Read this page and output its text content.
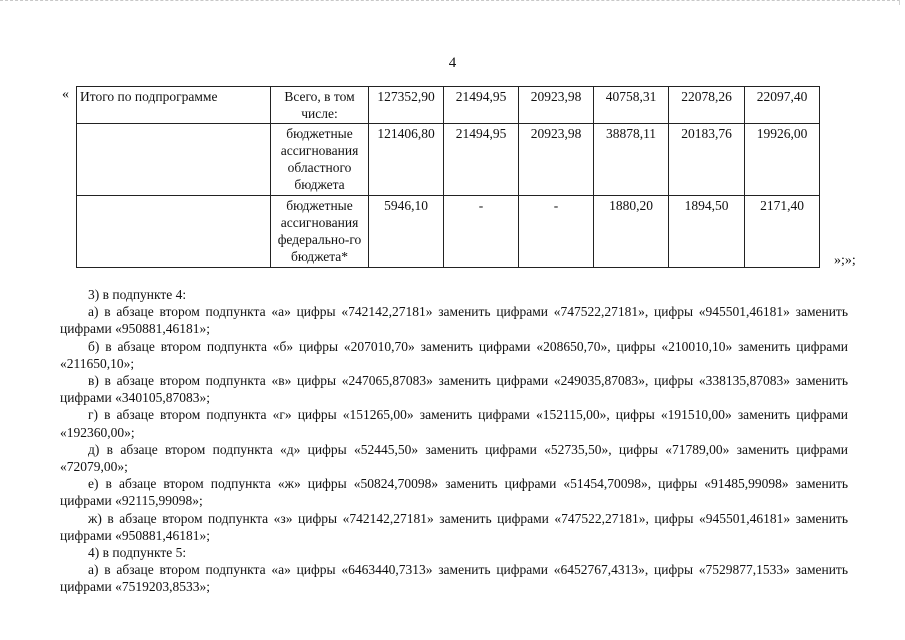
4
« Итого по подпрограмме	Всего, в том числе:	127352,90	21494,95	20923,98	40758,31	22078,26	22097,40
	бюджетные ассигнования областного бюджета	121406,80	21494,95	20923,98	38878,11	20183,76	19926,00
	бюджетные ассигнования федерально-го бюджета*	5946,10	-	-	1880,20	1894,50	2171,40
»;»;

3) в подпункте 4:

а) в абзаце втором подпункта «а» цифры «742142,27181» заменить цифрами «747522,27181», цифры «945501,46181» заменить цифрами «950881,46181»;

б) в абзаце втором подпункта «б» цифры «207010,70» заменить цифрами «208650,70», цифры «210010,10» заменить цифрами «211650,10»;

в) в абзаце втором подпункта «в» цифры «247065,87083» заменить цифрами «249035,87083», цифры «338135,87083» заменить цифрами «340105,87083»;

г) в абзаце втором подпункта «г» цифры «151265,00» заменить цифрами «152115,00», цифры «191510,00» заменить цифрами «192360,00»;

д) в абзаце втором подпункта «д» цифры «52445,50» заменить цифрами «52735,50», цифры «71789,00» заменить цифрами «72079,00»;

е) в абзаце втором подпункта «ж» цифры «50824,70098» заменить цифрами «51454,70098», цифры «91485,99098» заменить цифрами «92115,99098»;

ж) в абзаце втором подпункта «з» цифры «742142,27181» заменить цифрами «747522,27181», цифры «945501,46181» заменить цифрами «950881,46181»;

4) в подпункте 5:

а) в абзаце втором подпункта «а» цифры «6463440,7313» заменить цифрами «6452767,4313», цифры «7529877,1533» заменить цифрами «7519203,8533»;
